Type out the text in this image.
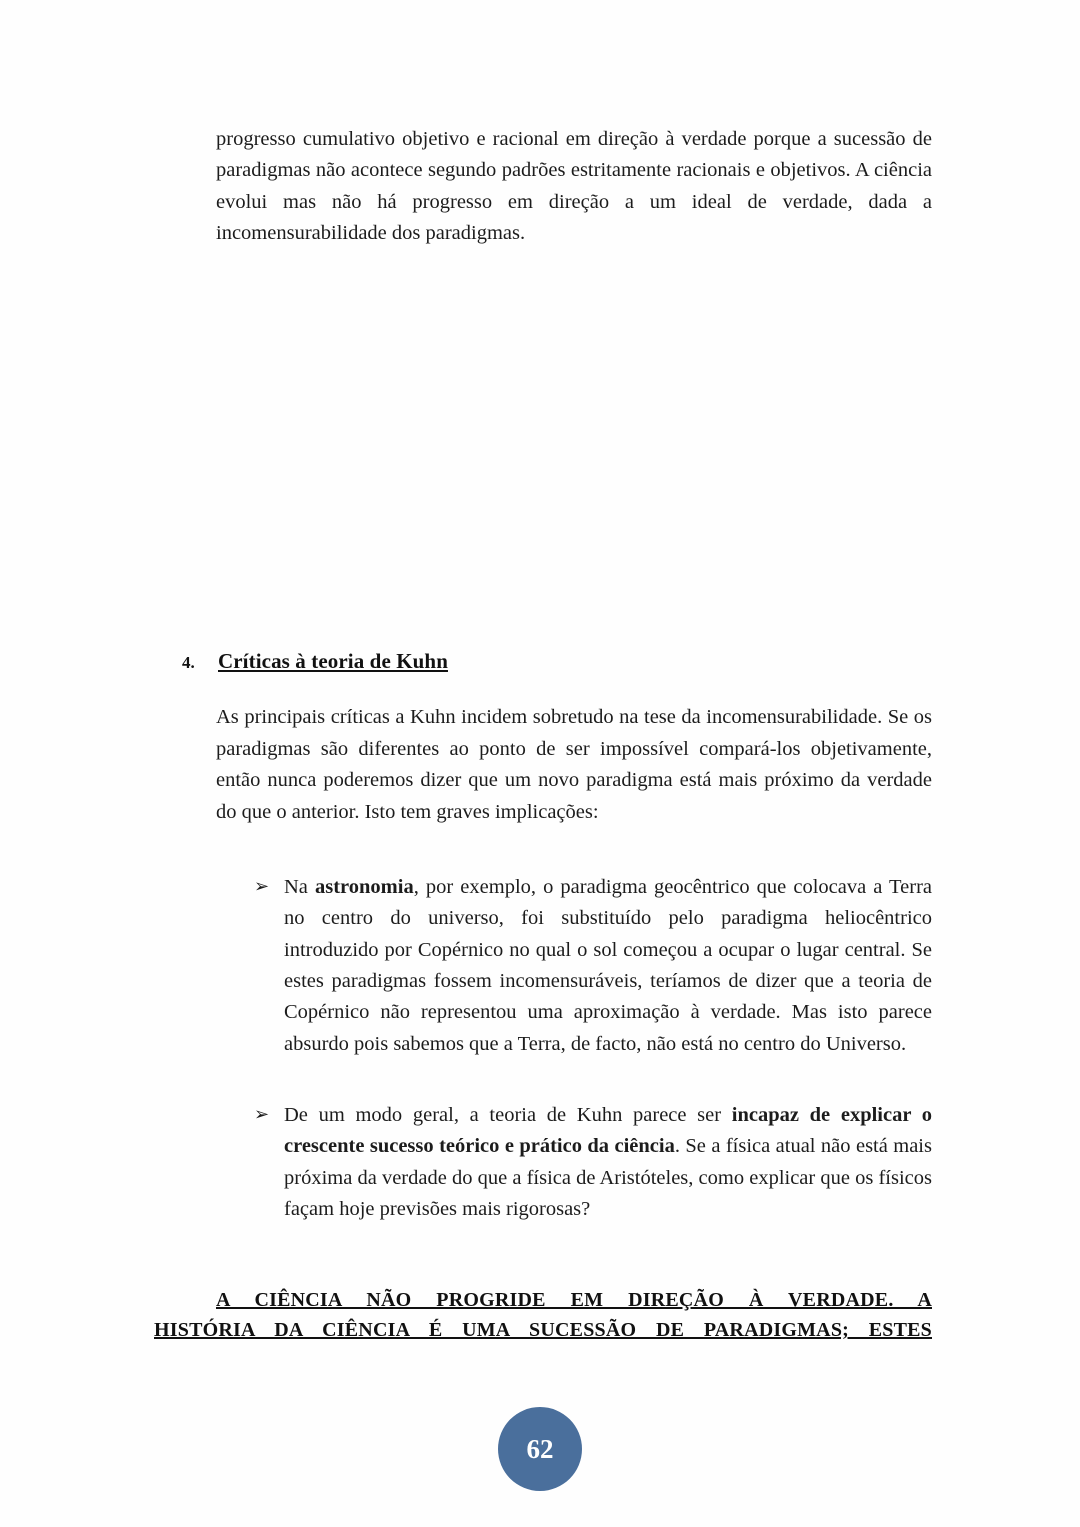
progresso cumulativo objetivo e racional em direção à verdade porque a sucessão de paradigmas não acontece segundo padrões estritamente racionais e objetivos. A ciência evolui mas não há progresso em direção a um ideal de verdade, dada a incomensurabilidade dos paradigmas.

4.	Críticas à teoria de Kuhn

As principais críticas a Kuhn incidem sobretudo na tese da incomensurabilidade. Se os paradigmas são diferentes ao ponto de ser impossível compará-los objetivamente, então nunca poderemos dizer que um novo paradigma está mais próximo da verdade do que o anterior. Isto tem graves implicações:

➢ Na astronomia, por exemplo, o paradigma geocêntrico que colocava a Terra no centro do universo, foi substituído pelo paradigma heliocêntrico introduzido por Copérnico no qual o sol começou a ocupar o lugar central. Se estes paradigmas fossem incomensuráveis, teríamos de dizer que a teoria de Copérnico não representou uma aproximação à verdade. Mas isto parece absurdo pois sabemos que a Terra, de facto, não está no centro do Universo.
➢ De um modo geral, a teoria de Kuhn parece ser incapaz de explicar o crescente sucesso teórico e prático da ciência. Se a física atual não está mais próxima da verdade do que a física de Aristóteles, como explicar que os físicos façam hoje previsões mais rigorosas?
A CIÊNCIA NÃO PROGRIDE EM DIREÇÃO À VERDADE. A
HISTÓRIA DA CIÊNCIA É UMA SUCESSÃO DE PARADIGMAS; ESTES
62
